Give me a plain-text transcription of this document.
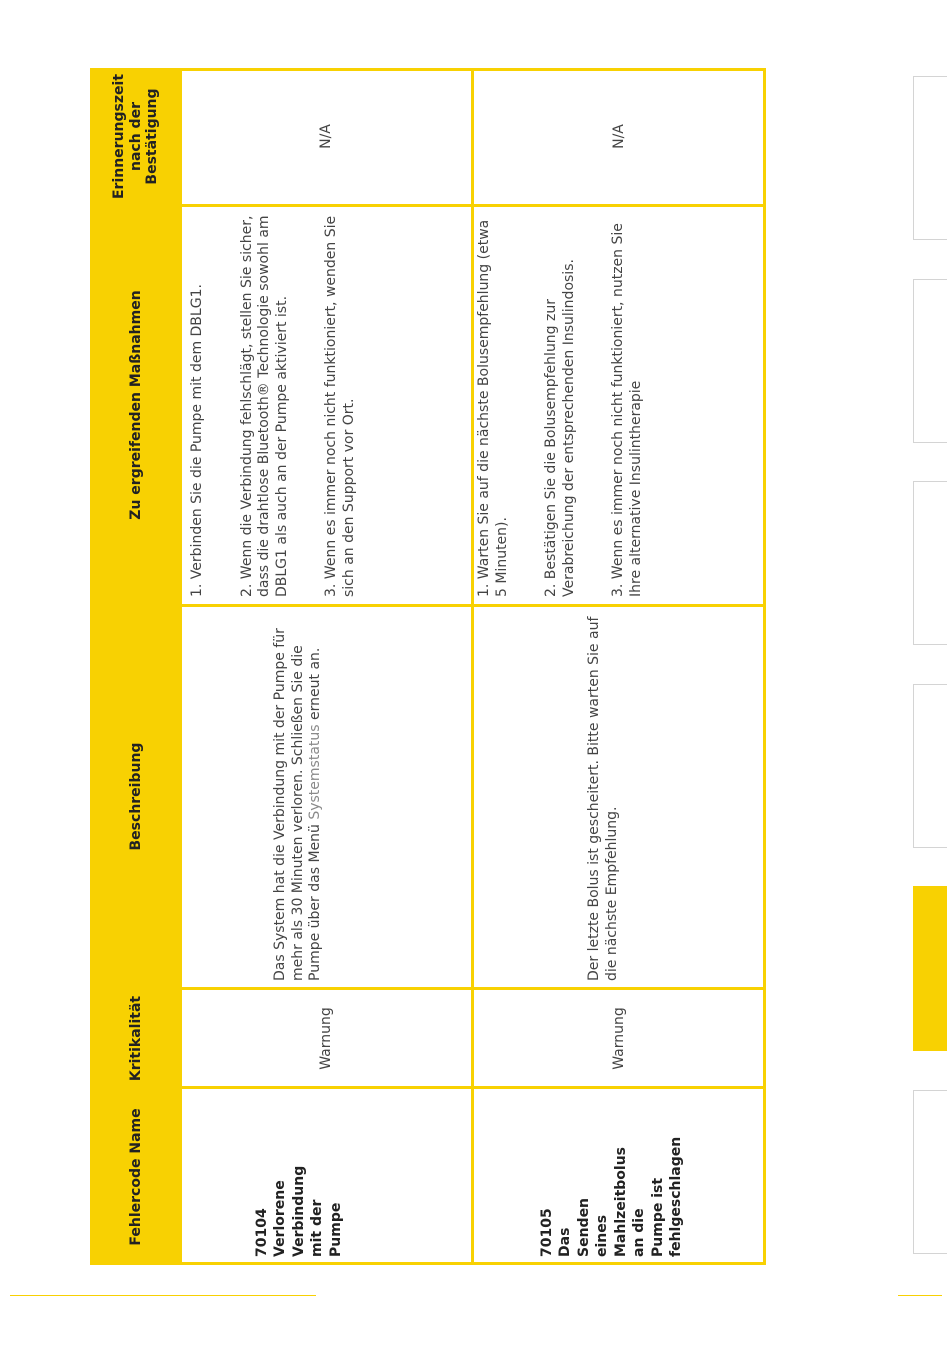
Fehlercode Name
Kritikalität
Beschreibung
Zu ergreifenden Maßnahmen
Erinnerungszeit nach der Bestätigung
70104 Verlorene Verbindung mit der Pumpe
Warnung
Das System hat die Verbindung mit der Pumpe für mehr als 30 Minuten verloren. Schließen Sie die Pumpe über das Menü Systemstatus erneut an.

1. Verbinden Sie die Pumpe mit dem DBLG1. 2. Wenn die Verbindung fehlschlägt, stellen Sie sicher, dass die drahtlose Bluetooth® Technologie sowohl am DBLG1 als auch an der Pumpe aktiviert ist. 3. Wenn es immer noch nicht funktioniert, wenden Sie sich an den Support vor Ort.

N/A
70105 Das Senden eines Mahlzeitbolus an die Pumpe ist fehlgeschlagen
Warnung
Der letzte Bolus ist gescheitert. Bitte warten Sie auf die nächste Empfehlung.

1. Warten Sie auf die nächste Bolusempfehlung (etwa 5 Minuten). 2. Bestätigen Sie die Bolusempfehlung zur Verabreichung der entsprechenden Insulindosis. 3. Wenn es immer noch nicht funktioniert, nutzen Sie Ihre alternative Insulintherapie

N/A
